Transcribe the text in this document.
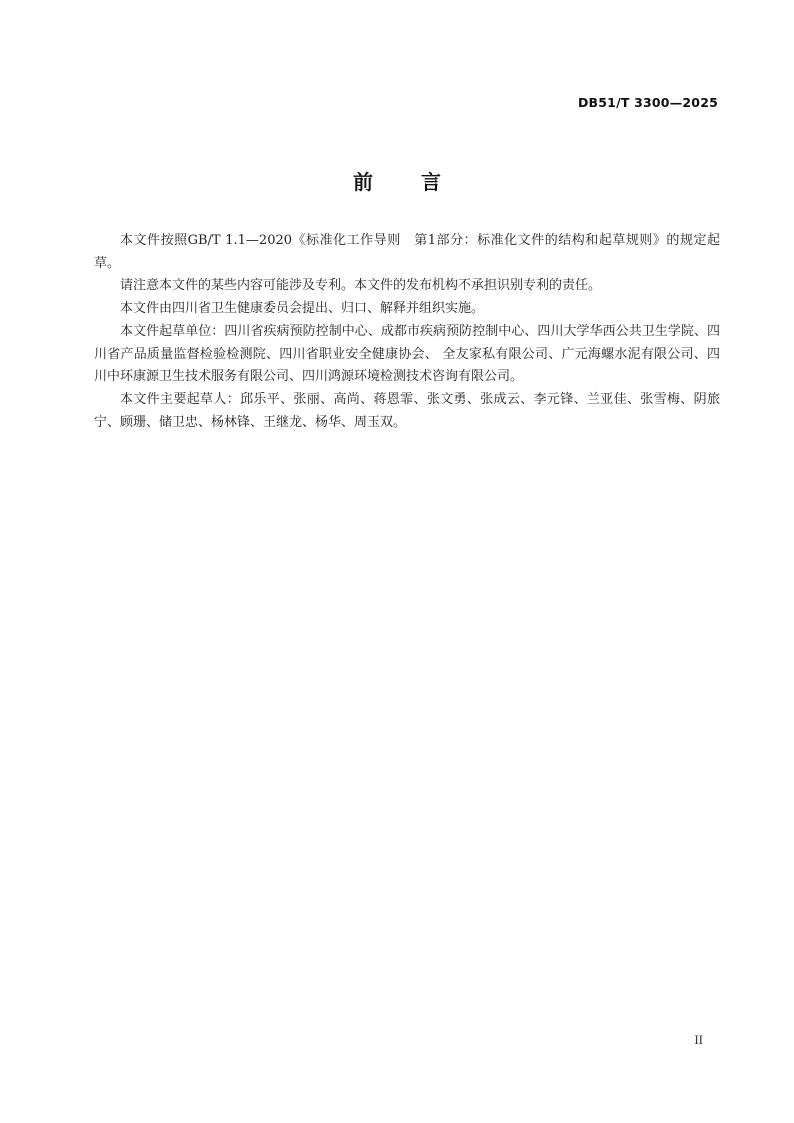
DB51/T 3300—2025
前 言

本文件按照GB/T 1.1—2020《标准化工作导则　第1部分：标准化文件的结构和起草规则》的规定起草。

请注意本文件的某些内容可能涉及专利。本文件的发布机构不承担识别专利的责任。

本文件由四川省卫生健康委员会提出、归口、解释并组织实施。

本文件起草单位：四川省疾病预防控制中心、成都市疾病预防控制中心、四川大学华西公共卫生学院、四川省产品质量监督检验检测院、四川省职业安全健康协会、 全友家私有限公司、广元海螺水泥有限公司、四川中环康源卫生技术服务有限公司、四川鸿源环境检测技术咨询有限公司。

本文件主要起草人：邱乐平、张丽、高尚、蒋恩霏、张文勇、张成云、李元锋、兰亚佳、张雪梅、阴旅宁、顾珊、储卫忠、杨林锋、王继龙、杨华、周玉双。

II
